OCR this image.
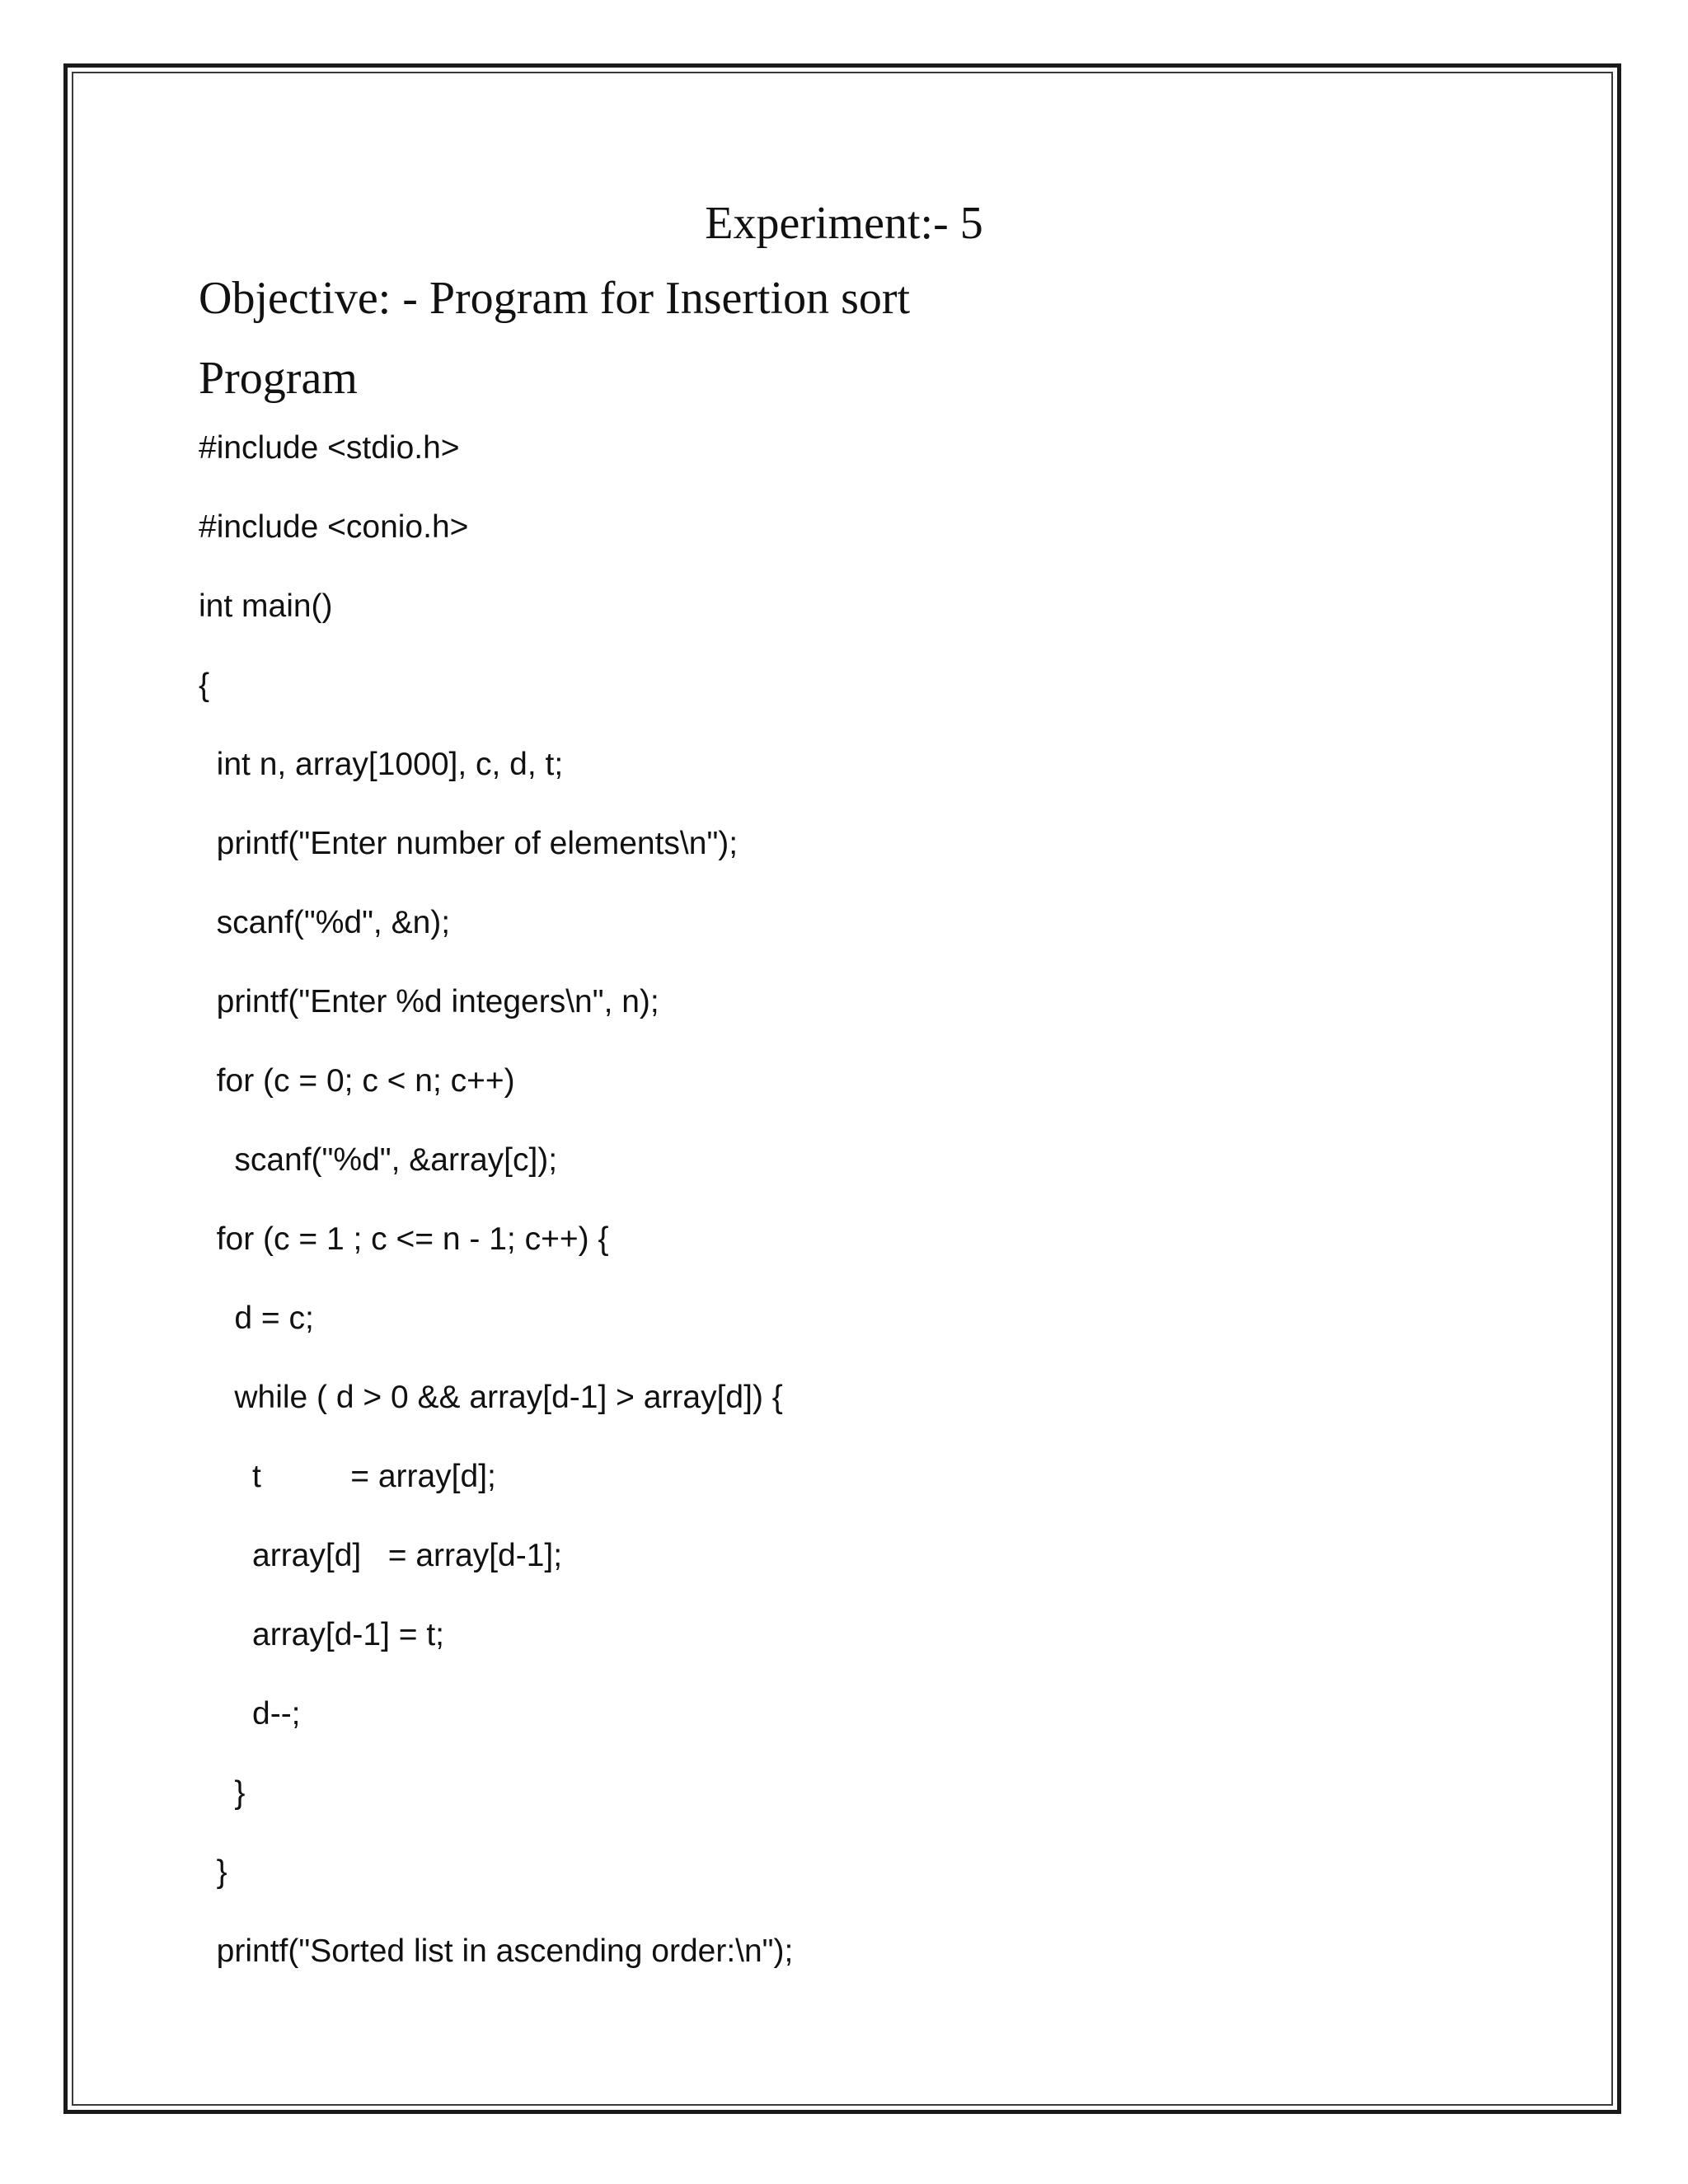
Experiment:- 5
Objective: - Program for Insertion sort
Program
#include <stdio.h>
#include <conio.h>
int main()
{
int n, array[1000], c, d, t;
printf("Enter number of elements\n");
scanf("%d", &n);
printf("Enter %d integers\n", n);
for (c = 0; c < n; c++)
scanf("%d", &array[c]);
for (c = 1 ; c <= n - 1; c++) {
d = c;
while ( d > 0 && array[d-1] > array[d]) {
t          = array[d];
array[d]   = array[d-1];
array[d-1] = t;
d--;
}
}
printf("Sorted list in ascending order:\n");
